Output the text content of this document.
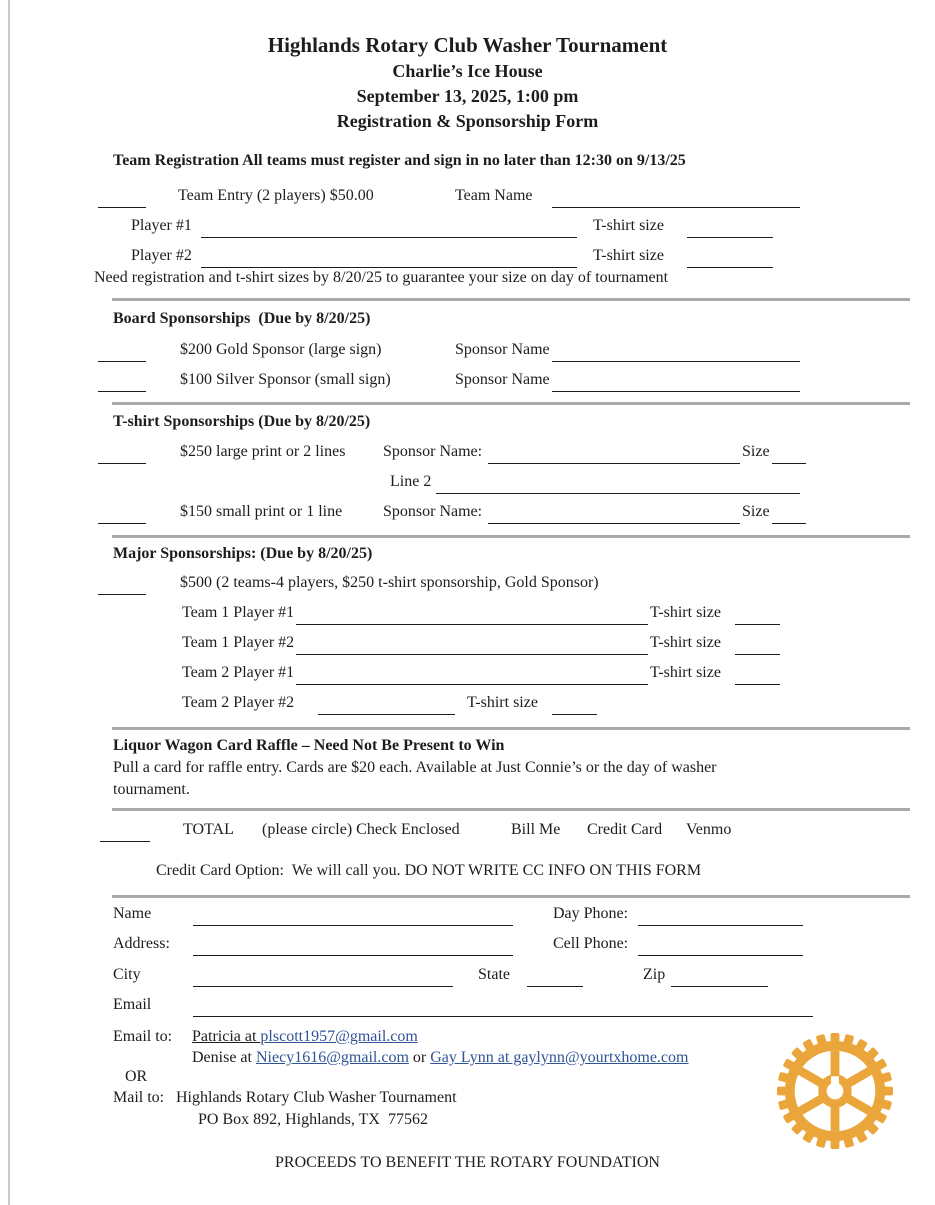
Highlands Rotary Club Washer Tournament
Charlie’s Ice House
September 13, 2025, 1:00 pm
Registration & Sponsorship Form
Team Registration All teams must register and sign in no later than 12:30 on 9/13/25
Team Entry (2 players) $50.00	Team Name
Player #1	T-shirt size
Player #2	T-shirt size
Need registration and t-shirt sizes by 8/20/25 to guarantee your size on day of tournament
Board Sponsorships  (Due by 8/20/25)
$200 Gold Sponsor (large sign)	Sponsor Name
$100 Silver Sponsor (small sign)	Sponsor Name
T-shirt Sponsorships (Due by 8/20/25)
$250 large print or 2 lines Sponsor Name:	Size
Line 2
$150 small print or 1 line	Sponsor Name:	Size
Major Sponsorships: (Due by 8/20/25)
$500 (2 teams-4 players, $250 t-shirt sponsorship, Gold Sponsor)
Team 1 Player #1	T-shirt size
Team 1 Player #2	T-shirt size
Team 2 Player #1	T-shirt size
Team 2 Player #2	T-shirt size
Liquor Wagon Card Raffle – Need Not Be Present to Win
Pull a card for raffle entry. Cards are $20 each. Available at Just Connie’s or the day of washer
tournament.
TOTAL (please circle) Check Enclosed	Bill Me Credit Card Venmo
Credit Card Option:  We will call you. DO NOT WRITE CC INFO ON THIS FORM
Name	Day Phone:
Address:	Cell Phone:
City	State	Zip
Email
Email to: Patricia at plscott1957@gmail.com
Denise at Niecy1616@gmail.com or Gay Lynn at gaylynn@yourtxhome.com
OR
Mail to: Highlands Rotary Club Washer Tournament
PO Box 892, Highlands, TX  77562
PROCEEDS TO BENEFIT THE ROTARY FOUNDATION
